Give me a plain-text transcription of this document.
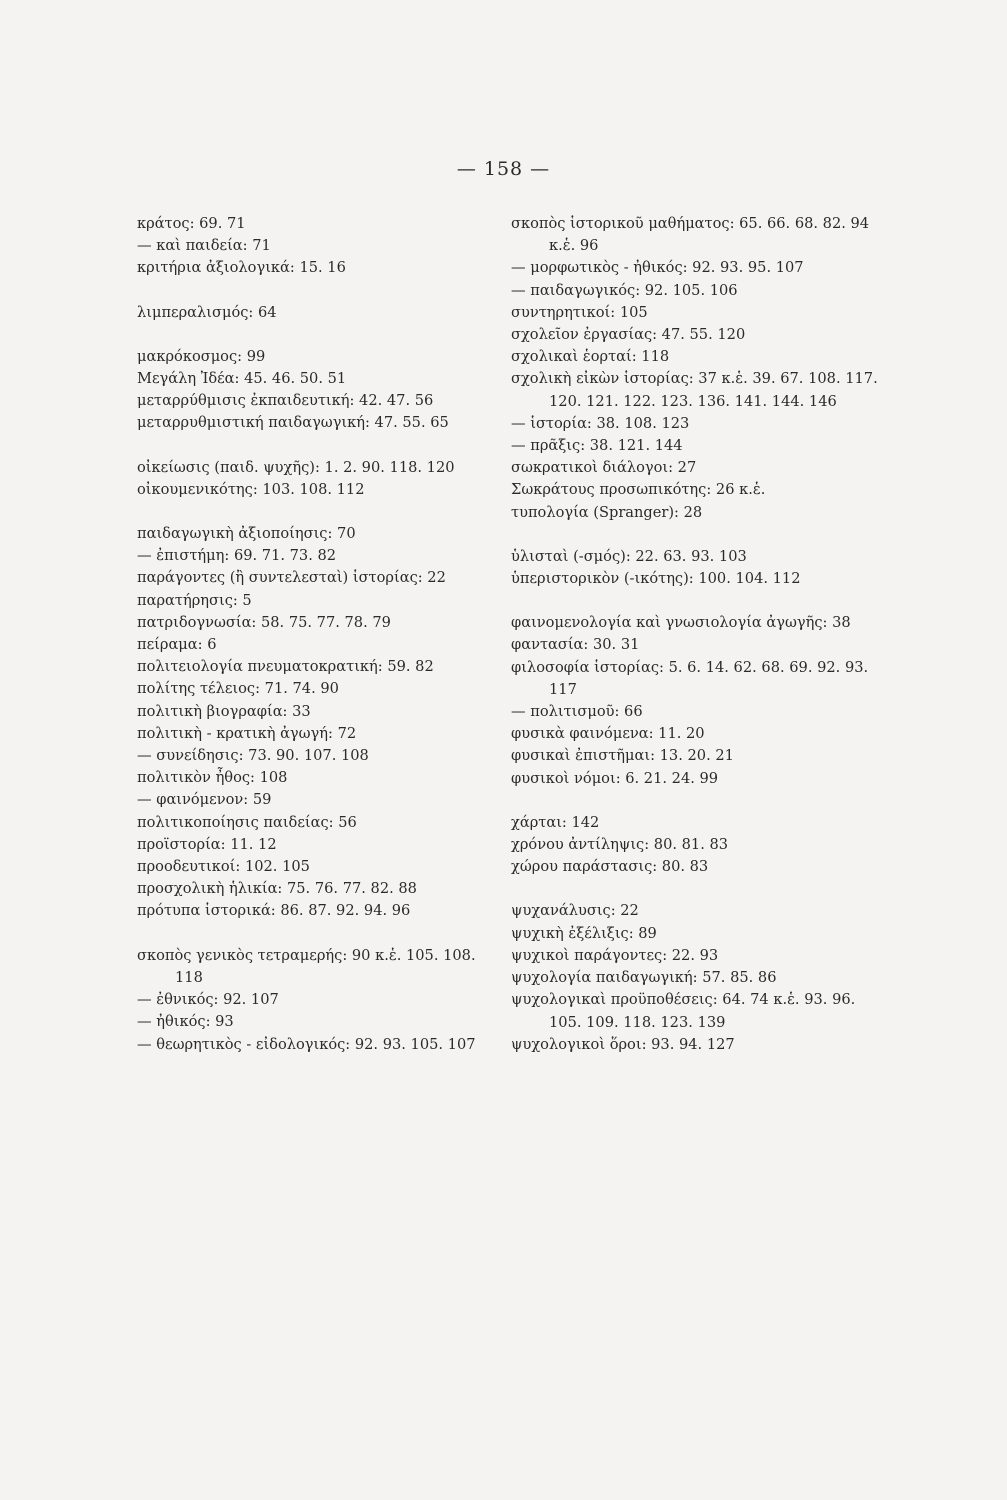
— 158 —
κράτος: 69. 71
— καὶ παιδεία: 71
κριτήρια ἀξιολογικά: 15. 16
λιμπεραλισμός: 64
μακρόκοσμος: 99
Μεγάλη Ἰδέα: 45. 46. 50. 51
μεταρρύθμισις ἐκπαιδευτική: 42. 47. 56
μεταρρυθμιστική παιδαγωγική: 47. 55. 65
οἰκείωσις (παιδ. ψυχῆς): 1. 2. 90. 118. 120
οἰκουμενικότης: 103. 108. 112
παιδαγωγικὴ ἀξιοποίησις: 70
— ἐπιστήμη: 69. 71. 73. 82
παράγοντες (ἢ συντελεσταὶ) ἱστορίας: 22
παρατήρησις: 5
πατριδογνωσία: 58. 75. 77. 78. 79
πείραμα: 6
πολιτειολογία πνευματοκρατική: 59. 82
πολίτης τέλειος: 71. 74. 90
πολιτικὴ βιογραφία: 33
πολιτικὴ - κρατικὴ ἀγωγή: 72
— συνείδησις: 73. 90. 107. 108
πολιτικὸν ἦθος: 108
— φαινόμενον: 59
πολιτικοποίησις παιδείας: 56
προϊστορία: 11. 12
προοδευτικοί: 102. 105
προσχολικὴ ἡλικία: 75. 76. 77. 82. 88
πρότυπα ἱστορικά: 86. 87. 92. 94. 96
σκοπὸς γενικὸς τετραμερής: 90 κ.ἑ. 105. 108. 118
— ἐθνικός: 92. 107
— ἠθικός: 93
— θεωρητικὸς - εἰδολογικός: 92. 93. 105. 107
σκοπὸς ἱστορικοῦ μαθήματος: 65. 66. 68. 82. 94 κ.ἑ. 96
— μορφωτικὸς - ἠθικός: 92. 93. 95. 107
— παιδαγωγικός: 92. 105. 106
συντηρητικοί: 105
σχολεῖον ἐργασίας: 47. 55. 120
σχολικαὶ ἑορταί: 118
σχολικὴ εἰκὼν ἱστορίας: 37 κ.ἑ. 39. 67. 108. 117. 120. 121. 122. 123. 136. 141. 144. 146
— ἱστορία: 38. 108. 123
— πρᾶξις: 38. 121. 144
σωκρατικοὶ διάλογοι: 27
Σωκράτους προσωπικότης: 26 κ.ἑ.
τυπολογία (Spranger): 28
ὑλισταὶ (-σμός): 22. 63. 93. 103
ὑπεριστορικὸν (-ικότης): 100. 104. 112
φαινομενολογία καὶ γνωσιολογία ἀγωγῆς: 38
φαντασία: 30. 31
φιλοσοφία ἱστορίας: 5. 6. 14. 62. 68. 69. 92. 93. 117
— πολιτισμοῦ: 66
φυσικὰ φαινόμενα: 11. 20
φυσικαὶ ἐπιστῆμαι: 13. 20. 21
φυσικοὶ νόμοι: 6. 21. 24. 99
χάρται: 142
χρόνου ἀντίληψις: 80. 81. 83
χώρου παράστασις: 80. 83
ψυχανάλυσις: 22
ψυχικὴ ἐξέλιξις: 89
ψυχικοὶ παράγοντες: 22. 93
ψυχολογία παιδαγωγική: 57. 85. 86
ψυχολογικαὶ προϋποθέσεις: 64. 74 κ.ἑ. 93. 96. 105. 109. 118. 123. 139
ψυχολογικοὶ ὅροι: 93. 94. 127
